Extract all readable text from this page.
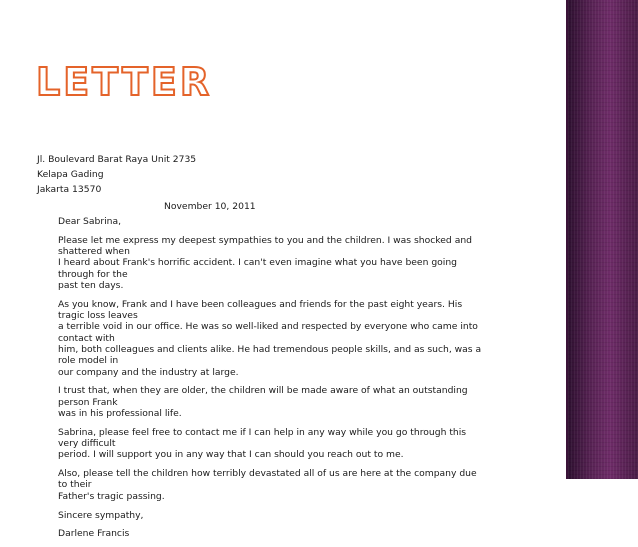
LETTER
Jl. Boulevard Barat Raya Unit 2735
Kelapa Gading
Jakarta 13570
November 10, 2011

Dear Sabrina,

Please let me express my deepest sympathies to you and the children. I was shocked and shattered when
I heard about Frank's horrific accident. I can't even imagine what you have been going through for the
past ten days.

As you know, Frank and I have been colleagues and friends for the past eight years. His tragic loss leaves
a terrible void in our office. He was so well-liked and respected by everyone who came into contact with
him, both colleagues and clients alike. He had tremendous people skills, and as such, was a role model in
our company and the industry at large.

I trust that, when they are older, the children will be made aware of what an outstanding person Frank
was in his professional life.

Sabrina, please feel free to contact me if I can help in any way while you go through this very difficult
period. I will support you in any way that I can should you reach out to me.

Also, please tell the children how terribly devastated all of us are here at the company due to their
Father's tragic passing.

Sincere sympathy,

Darlene Francis
